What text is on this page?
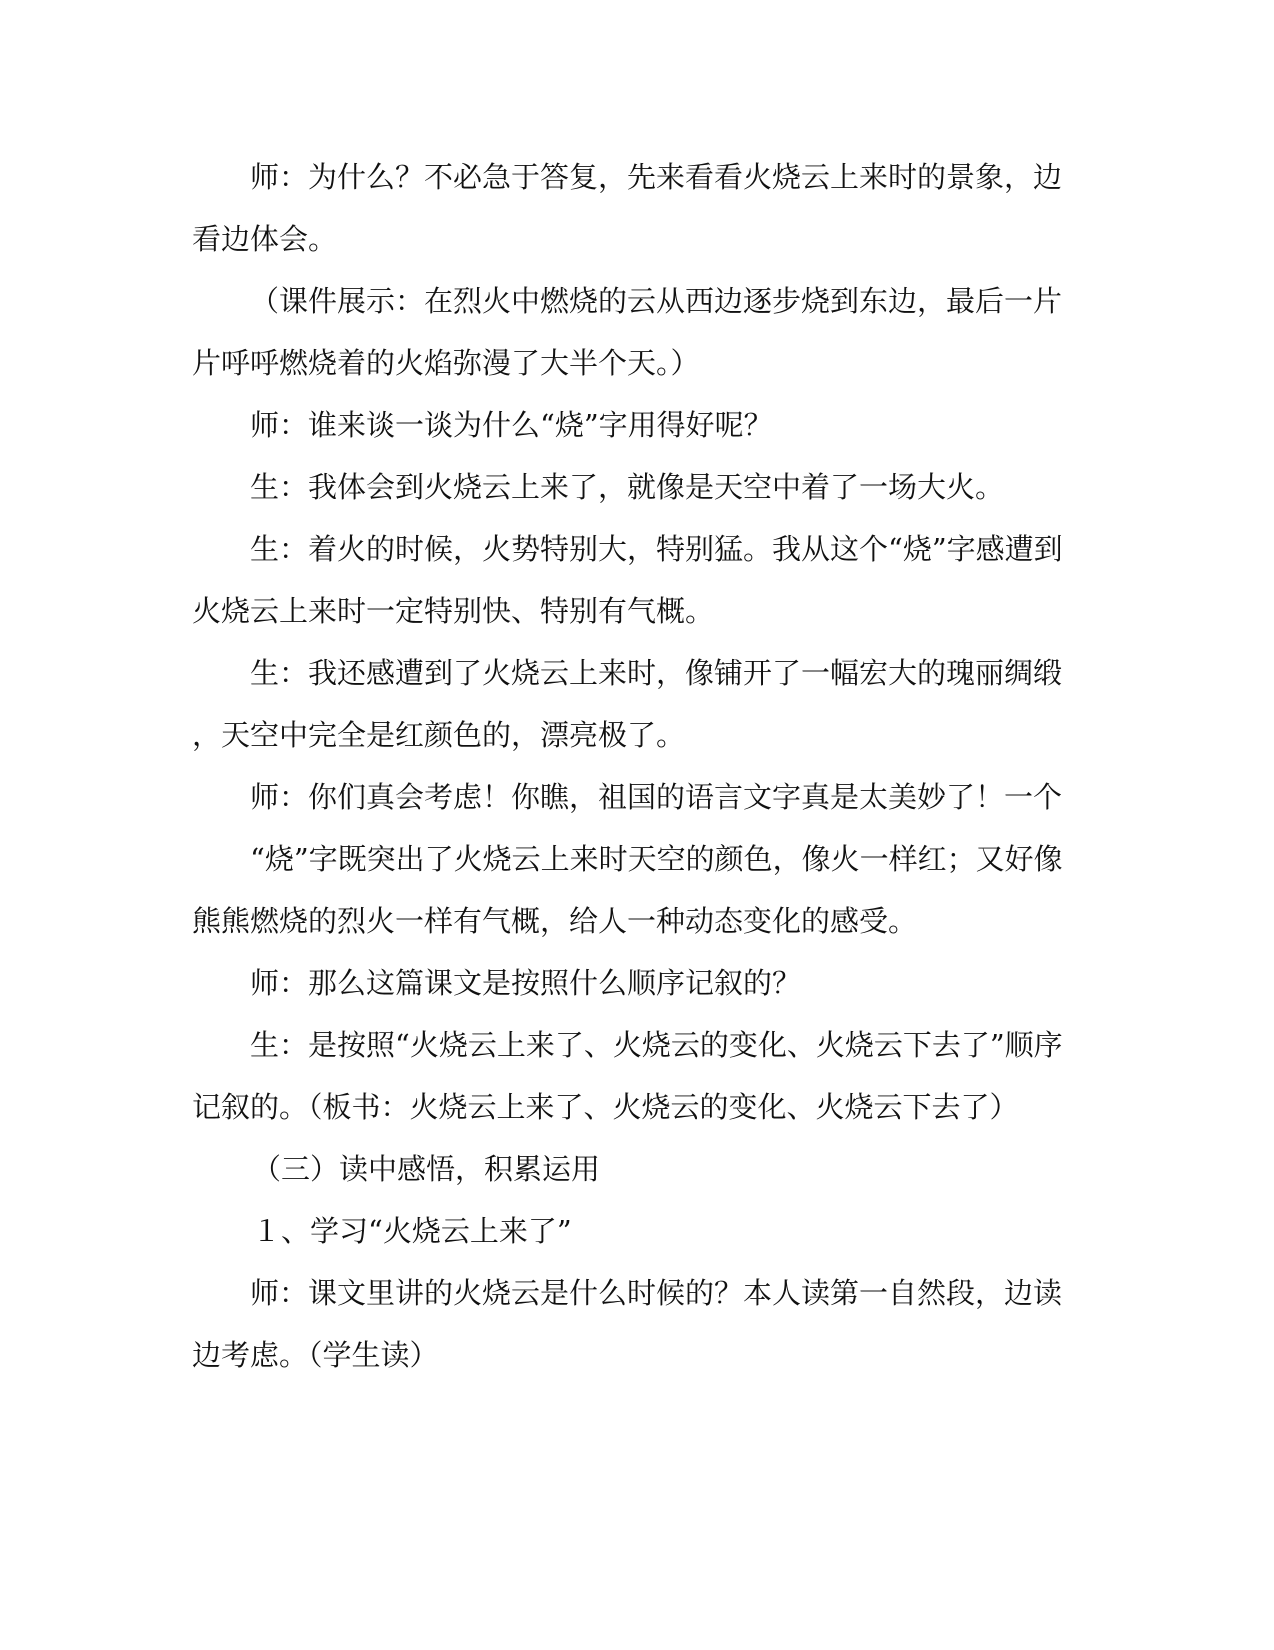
师：为什么？不必急于答复，先来看看火烧云上来时的景象，边
看边体会。
（课件展示：在烈火中燃烧的云从西边逐步烧到东边，最后一片
片呼呼燃烧着的火焰弥漫了大半个天。）
师：谁来谈一谈为什么“烧”字用得好呢？
生：我体会到火烧云上来了，就像是天空中着了一场大火。
生：着火的时候，火势特别大，特别猛。我从这个“烧”字感遭到
火烧云上来时一定特别快、特别有气概。
生：我还感遭到了火烧云上来时，像铺开了一幅宏大的瑰丽绸缎
，天空中完全是红颜色的，漂亮极了。
师：你们真会考虑！你瞧，祖国的语言文字真是太美妙了！一个
“烧”字既突出了火烧云上来时天空的颜色，像火一样红；又好像
熊熊燃烧的烈火一样有气概，给人一种动态变化的感受。
师：那么这篇课文是按照什么顺序记叙的？
生：是按照“火烧云上来了、火烧云的变化、火烧云下去了”顺序
记叙的。（板书：火烧云上来了、火烧云的变化、火烧云下去了）
（三）读中感悟，积累运用
１、学习“火烧云上来了”
师：课文里讲的火烧云是什么时候的？本人读第一自然段，边读
边考虑。（学生读）
